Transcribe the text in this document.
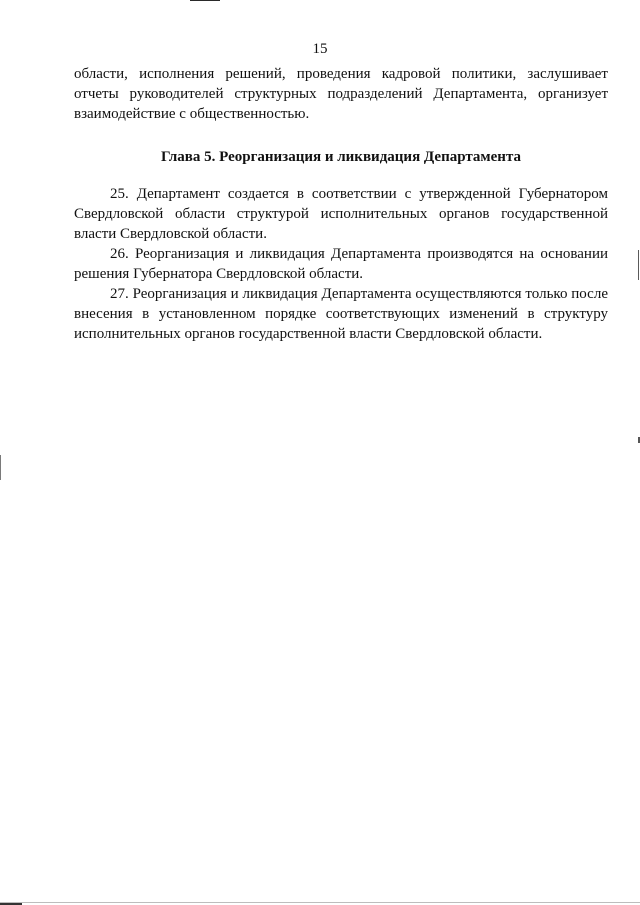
15

области, исполнения решений, проведения кадровой политики, заслушивает отчеты руководителей структурных подразделений Департамента, организует взаимодействие с общественностью.

Глава 5. Реорганизация и ликвидация Департамента

25. Департамент создается в соответствии с утвержденной Губернатором Свердловской области структурой исполнительных органов государственной власти Свердловской области.

26. Реорганизация и ликвидация Департамента производятся на основании решения Губернатора Свердловской области.

27. Реорганизация и ликвидация Департамента осуществляются только после внесения в установленном порядке соответствующих изменений в структуру исполнительных органов государственной власти Свердловской области.
